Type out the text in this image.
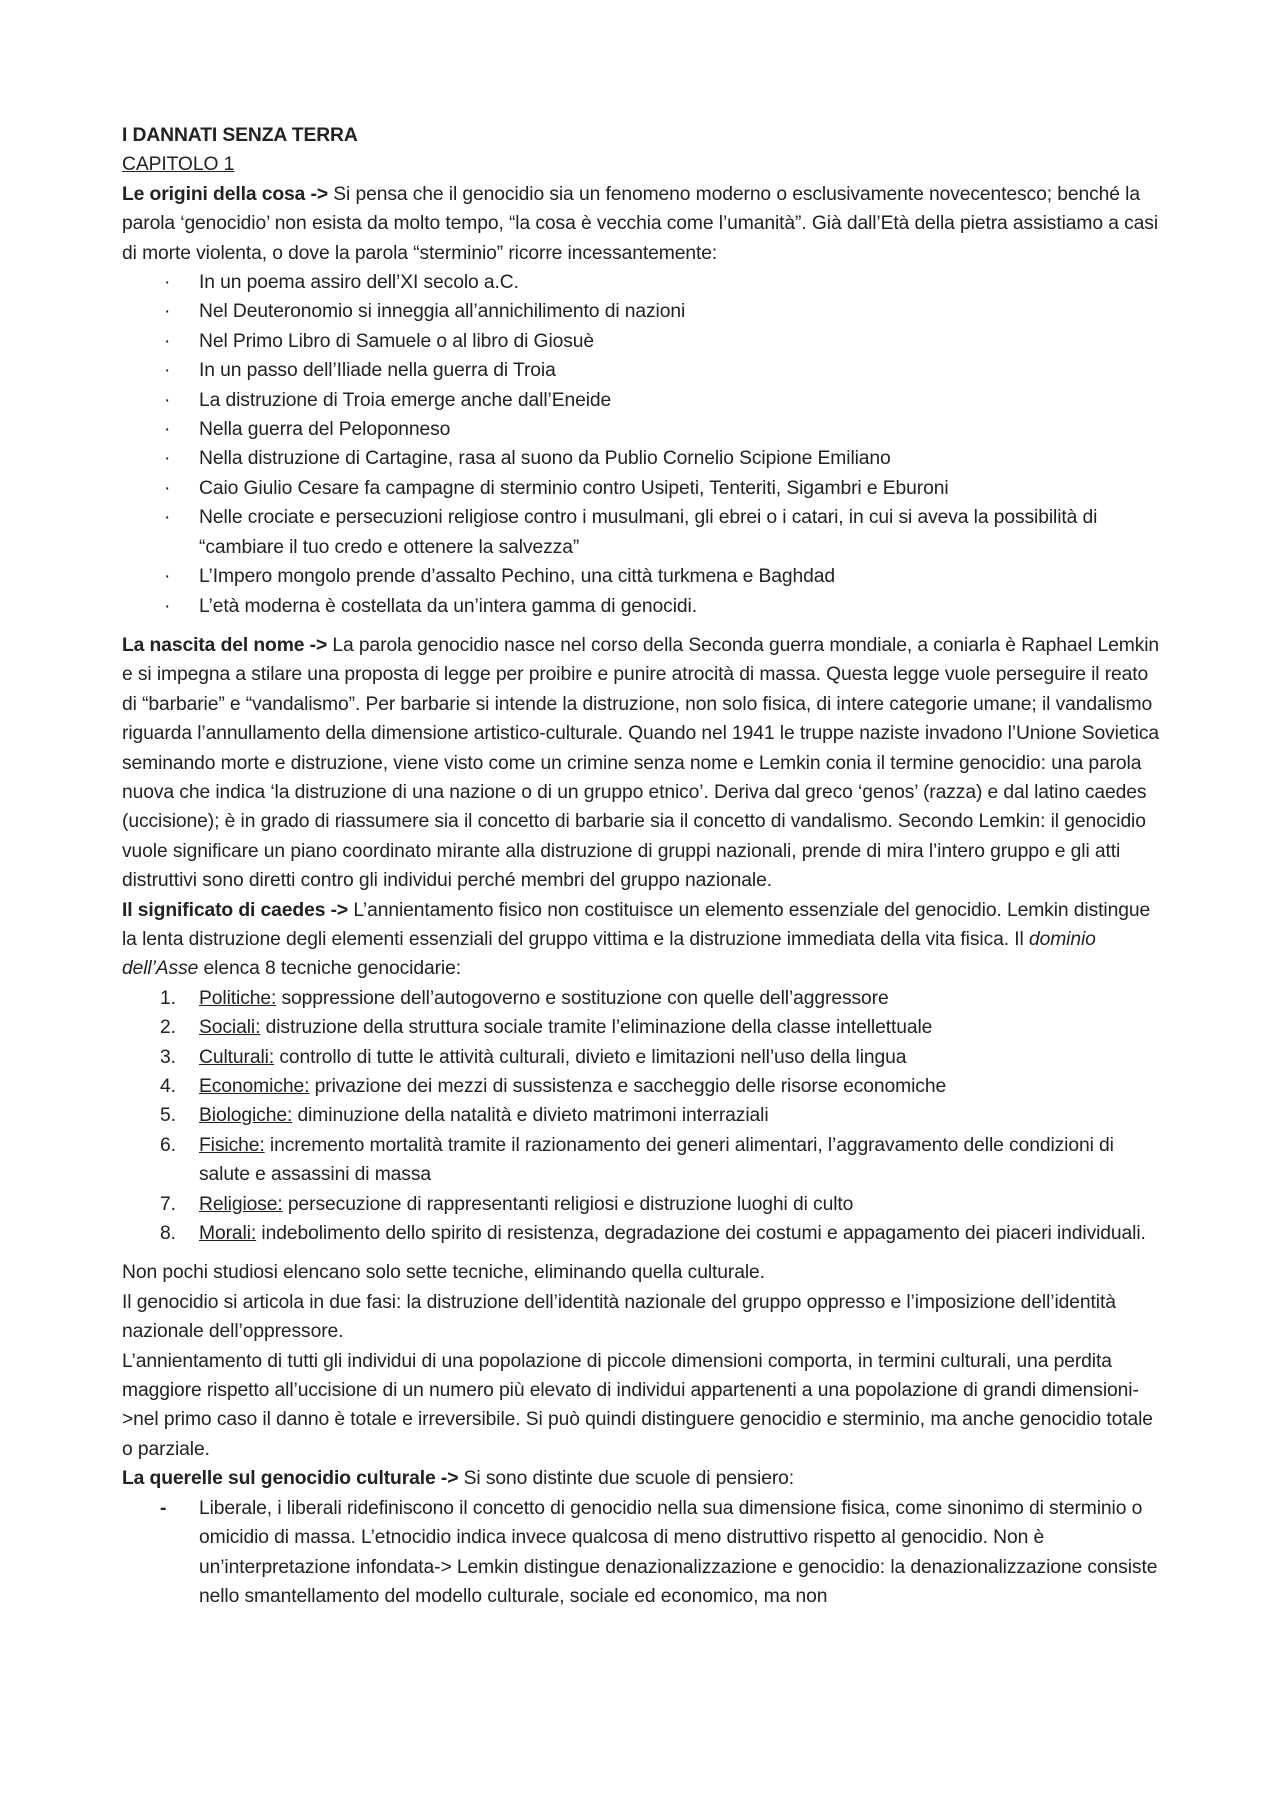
I DANNATI SENZA TERRA

CAPITOLO 1

Le origini della cosa -> Si pensa che il genocidio sia un fenomeno moderno o esclusivamente novecentesco; benché la parola ‘genocidio’ non esista da molto tempo, “la cosa è vecchia come l’umanità”. Già dall’Età della pietra assistiamo a casi di morte violenta, o dove la parola “sterminio” ricorre incessantemente:

·	In un poema assiro dell’XI secolo a.C.
·	Nel Deuteronomio si inneggia all’annichilimento di nazioni
·	Nel Primo Libro di Samuele o al libro di Giosuè
·	In un passo dell’Iliade nella guerra di Troia
·	La distruzione di Troia emerge anche dall’Eneide
·	Nella guerra del Peloponneso
·	Nella distruzione di Cartagine, rasa al suono da Publio Cornelio Scipione Emiliano
·	Caio Giulio Cesare fa campagne di sterminio contro Usipeti, Tenteriti, Sigambri e Eburoni
·	Nelle crociate e persecuzioni religiose contro i musulmani, gli ebrei o i catari, in cui si aveva la possibilità di “cambiare il tuo credo e ottenere la salvezza”
·	L’Impero mongolo prende d’assalto Pechino, una città turkmena e Baghdad
·	L’età moderna è costellata da un’intera gamma di genocidi.

La nascita del nome -> La parola genocidio nasce nel corso della Seconda guerra mondiale, a coniarla è Raphael Lemkin e si impegna a stilare una proposta di legge per proibire e punire atrocità di massa. Questa legge vuole perseguire il reato di “barbarie” e “vandalismo”. Per barbarie si intende la distruzione, non solo fisica, di intere categorie umane; il vandalismo riguarda l’annullamento della dimensione artistico-culturale. Quando nel 1941 le truppe naziste invadono l’Unione Sovietica seminando morte e distruzione, viene visto come un crimine senza nome e Lemkin conia il termine genocidio: una parola nuova che indica ‘la distruzione di una nazione o di un gruppo etnico’. Deriva dal greco ‘genos’ (razza) e dal latino caedes (uccisione); è in grado di riassumere sia il concetto di barbarie sia il concetto di vandalismo. Secondo Lemkin: il genocidio vuole significare un piano coordinato mirante alla distruzione di gruppi nazionali, prende di mira l’intero gruppo e gli atti distruttivi sono diretti contro gli individui perché membri del gruppo nazionale.

Il significato di caedes -> L’annientamento fisico non costituisce un elemento essenziale del genocidio. Lemkin distingue la lenta distruzione degli elementi essenziali del gruppo vittima e la distruzione immediata della vita fisica. Il dominio dell’Asse elenca 8 tecniche genocidarie:

1.	Politiche: soppressione dell’autogoverno e sostituzione con quelle dell’aggressore
2.	Sociali: distruzione della struttura sociale tramite l’eliminazione della classe intellettuale
3.	Culturali: controllo di tutte le attività culturali, divieto e limitazioni nell’uso della lingua
4.	Economiche: privazione dei mezzi di sussistenza e saccheggio delle risorse economiche
5.	Biologiche: diminuzione della natalità e divieto matrimoni interraziali
6.	Fisiche: incremento mortalità tramite il razionamento dei generi alimentari, l’aggravamento delle condizioni di salute e assassini di massa
7.	Religiose: persecuzione di rappresentanti religiosi e distruzione luoghi di culto
8.	Morali: indebolimento dello spirito di resistenza, degradazione dei costumi e appagamento dei piaceri individuali.

Non pochi studiosi elencano solo sette tecniche, eliminando quella culturale.

Il genocidio si articola in due fasi: la distruzione dell’identità nazionale del gruppo oppresso e l’imposizione dell’identità nazionale dell’oppressore.

L’annientamento di tutti gli individui di una popolazione di piccole dimensioni comporta, in termini culturali, una perdita maggiore rispetto all’uccisione di un numero più elevato di individui appartenenti a una popolazione di grandi dimensioni->nel primo caso il danno è totale e irreversibile. Si può quindi distinguere genocidio e sterminio, ma anche genocidio totale o parziale.

La querelle sul genocidio culturale -> Si sono distinte due scuole di pensiero:

-	Liberale, i liberali ridefiniscono il concetto di genocidio nella sua dimensione fisica, come sinonimo di sterminio o omicidio di massa. L’etnocidio indica invece qualcosa di meno distruttivo rispetto al genocidio. Non è un’interpretazione infondata-> Lemkin distingue denazionalizzazione e genocidio: la denazionalizzazione consiste nello smantellamento del modello culturale, sociale ed economico, ma non
